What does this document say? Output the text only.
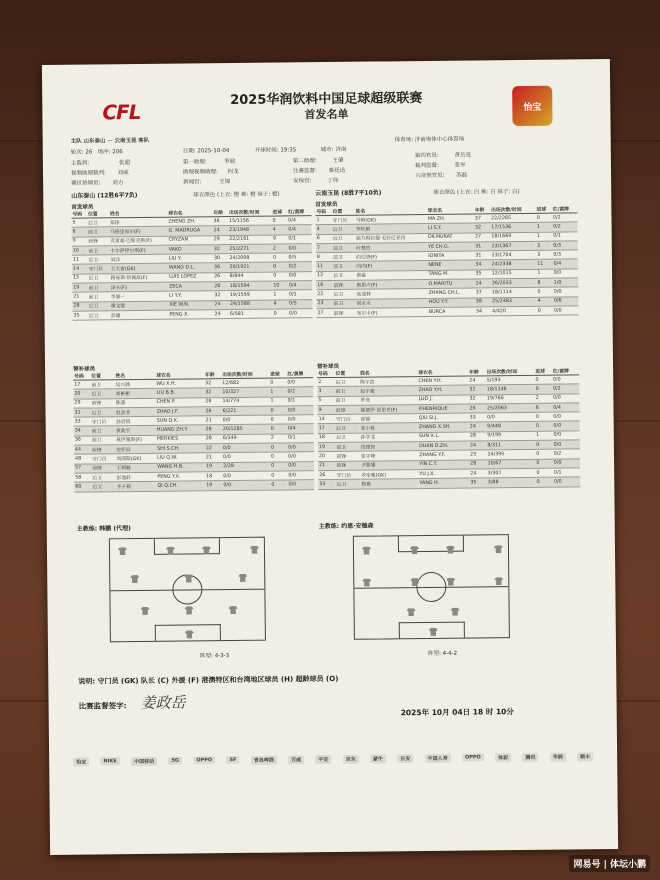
CFL	怡宝
2025华润饮料中国足球超级联赛
首发名单
主队 山东泰山 — 云南玉昆 客队
轮次: 26 场序: 206	日期: 2025-10-04	开球时间: 19:35	城市: 济南
体育场: 济南奥体中心体育场
主裁判:	张超	第一助理:	罗政	第二助理:	王肇
第四官员:	黄岳亮
视频助理裁判: 刘威	助理视频助理: 何龙	比赛监督: 秦廷迅
裁判监督:	张军
赛区协调员: 刘力	新闻官:	王锦	安保官:	丁伟
兴奋剂官员: 苏磊
山东泰山 (12胜6平7负)	球衣颜色 (上衣: 橙 裤: 橙 袜子: 橙)	云南玉昆 (8胜7平10负)	球衣颜色 (上衣: 白 裤: 白 袜子: 白)
首发球员	首发球员
号码	位置	姓名	球衣名	年龄	出场次数/时间	进球	红/黄牌
5	后卫	郑铮	ZHENG ZH.	36	15/1156	0	0/4
6	前卫	马德里加尔(F)	G. MADRUGA	24	23/1948	4	0/4
9	前锋	克雷桑·巴斯克斯(F)	CRYZAN	29	22/2161	9	0/1
10	前卫	卡尔萨伊尔斯(F)	VAKO	32	25/2271	2	0/0
11	后卫	刘洋	LIU Y.	30	24/2098	0	0/5
14	守门员	王大雷(GK)	WANG D.L.	36	20/1921	0	0/2
15	后卫	路易斯·洛佩兹(F)	LUIS LOPEZ	26	8/844	0	0/0
19	前卫	泽卡(F)	ZECA	28	18/1594	10	0/4
21	前卫	李源一	LI Y.Y.	32	19/1599	1	0/1
28	后卫	谢文能	XIE W.N.	24	24/1588	4	0/5
35	后卫	彭啸	PENG X.	24	6/581	0	0/0
号码	位置	姓名	球衣名	年龄	出场次数/时间	进球	红/黄牌
1	守门员	马镇(GK)	MA ZH.	37	22/2265	0	0/2
4	后卫	李松毅	LI S.Y.	32	17/1536	1	0/2
6	后卫	迪力姆拉提·毛拉尼亚孜	DILMURAT	27	18/1669	1	0/1
7	前卫	叶楚贵	YE CH.G.	31	23/1367	3	0/3
8	前卫	约尼塔(F)	IONITA	31	23/1704	3	0/3
11	前卫	内内(F)	NENE	34	24/2338	11	0/4
12	后卫	唐淼	TANG M.	35	12/1015	1	0/0
16	前锋	奥里卢(F)	O.MARITU	24	26/2033	8	1/0
22	后卫	张成林	ZHANG CH.L.	37	18/1114	0	0/0
23	前卫	侯永永	HOU Y.Y.	38	25/2483	4	0/6
27	前锋	布尔卡(F)	BURCA	34	4/420	0	0/0
替补球员	替补球员
号码	位置	姓名	球衣名	年龄	出场次数/时间	进球	红/黄牌
17	前卫	吴兴涵	WU X.H.	32	12/682	0	0/0
20	后卫	刘彬彬	LIU B.B.	32	10/327	1	0/2
29	前锋	陈蒲	CHEN P.	28	14/774	1	0/1
31	后卫	赵剑非	ZHAO J.F.	26	6/221	0	0/0
33	守门员	孙启凯	SUN Q.K.	21	0/0	0	0/0
34	前卫	黄政宇	HUANG ZH.Y.	28	20/1285	0	0/4
36	前卫	莫伊塞斯(F)	MERKIES	26	6/349	2	0/1
44	前锋	史松辰	SHI S.CH.	22	0/0	0	0/0
48	守门员	刘邵阳(GK)	LIU Q.W.	21	0/0	0	0/0
57	前锋	王硕毓	WANG H.B.	19	2/28	0	0/0
58	后卫	彭逸轩	PENG Y.X.	18	0/0	0	0/0
60	后卫	齐子程	QI Q.CH.	19	0/0	0	0/0
号码	位置	姓名	球衣名	年龄	出场次数/时间	进球	红/黄牌
2	后卫	陈宇浩	CHEN Y.H.	24	5/193	0	0/0
3	前卫	赵宇豪	ZHAO Y.H.	32	18/1146	0	0/2
5	前卫	罗竞	LUO J.	32	19/766	2	0/0
9	前锋	佩德罗·恩里克(F)	P.HENRIQUE	29	25/2063	6	0/4
14	守门员	邱锦	QIU SI.J.	33	0/0	0	0/0
17	后卫	张小栎	ZHANG X.SH.	24	9/448	0	0/0
18	后卫	孙学龙	SUN X.L.	28	9/199	1	0/0
19	前卫	段德智	DUAN D.ZH.	24	8/311	0	0/0
20	前锋	张宇峰	ZHANG Y.F.	23	14/395	0	0/2
21	前锋	尹聪耀	YIN C.Y.	28	10/67	0	0/0
26	守门员	余家驰(GK)	YU J.X.	24	3/307	0	0/1
33	后卫	杨寰	YANG H.	35	3/88	0	0/0
主教练: 韩鹏 (代理)	主教练: 约恩·安德森
阵型: 4-3-3	阵型: 4-4-2
说明: 守门员 (GK) 队长 (C) 外援 (F) 港澳特区和台湾地区球员 (H) 超龄球员 (O)
比赛监督签字: 姜政岳
2025年 10月 04日 18 时 10分
怡宝	NIKE	中国移动	5G	OPPO	SF	青岛啤酒	百威	平安	京东	蒙牛	长安	中国人寿	OPPO	体彩	腾讯	华润	顺丰
网易号 | 体坛小鹏
